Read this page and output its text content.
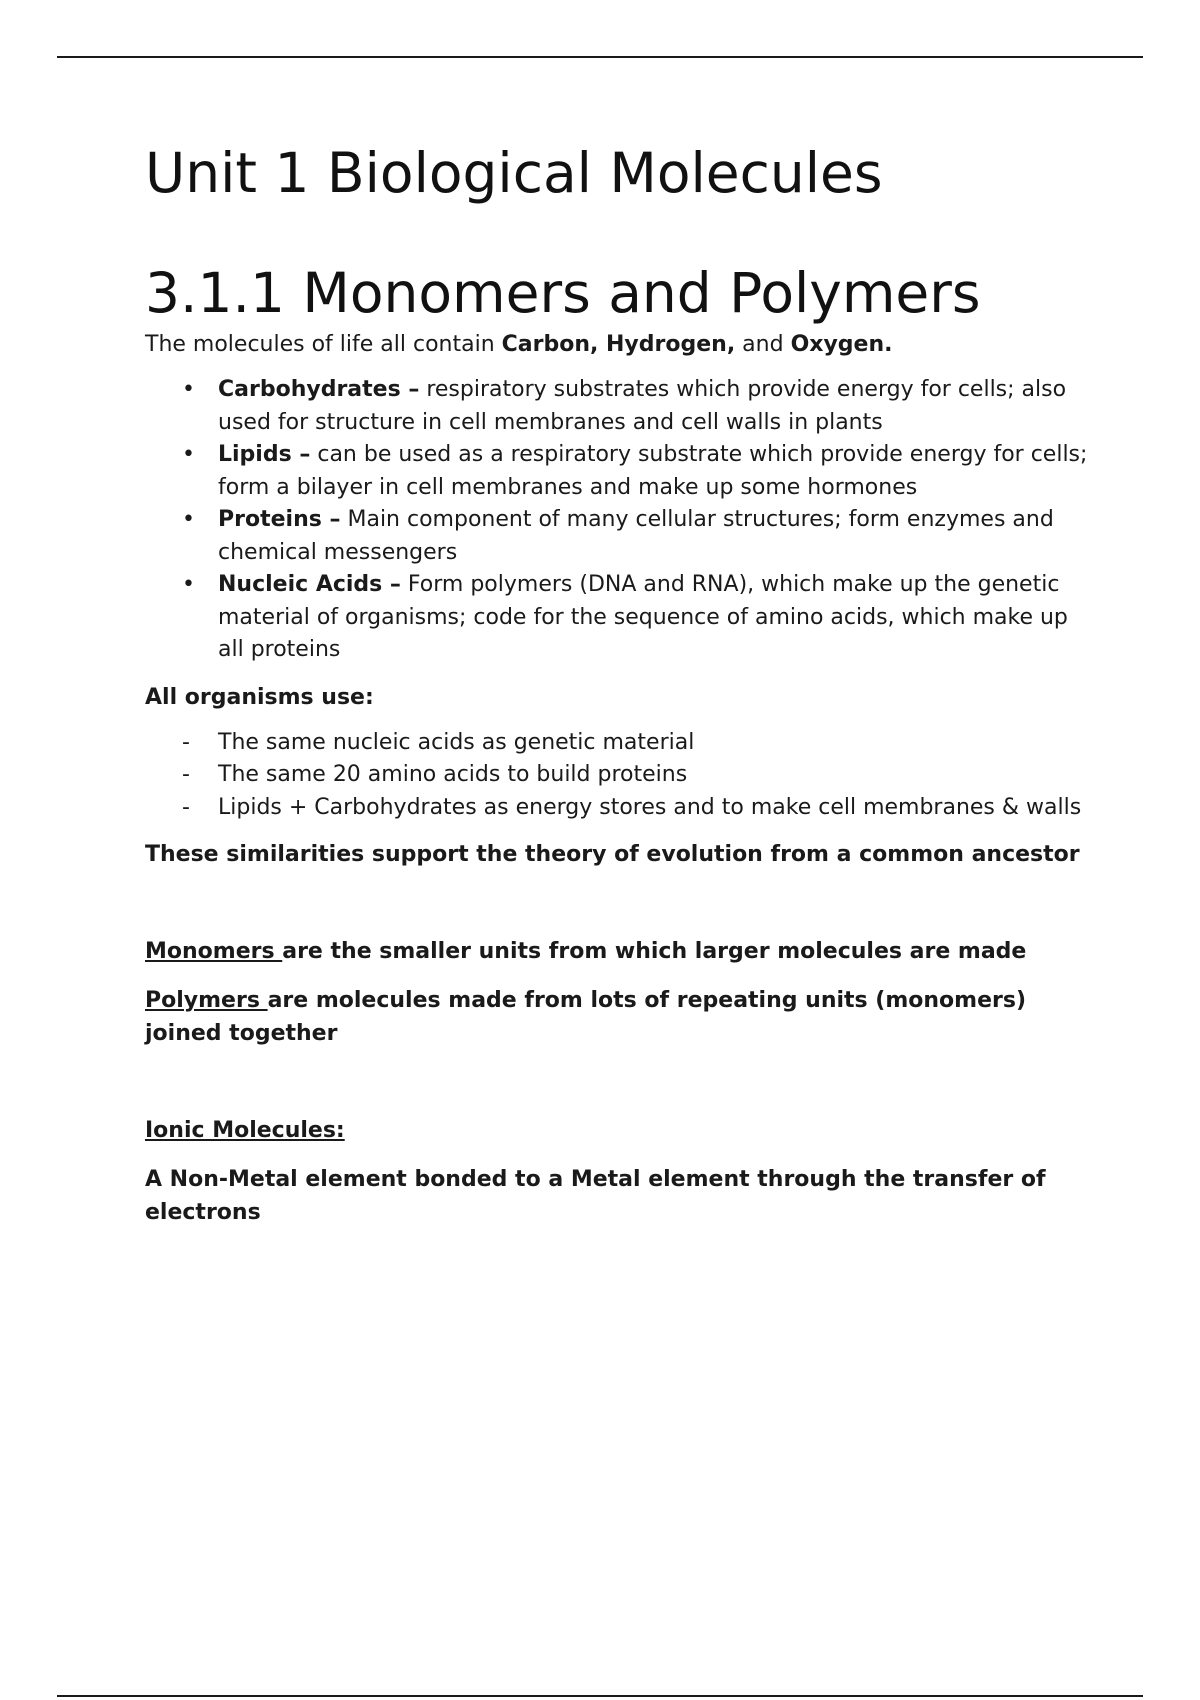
Unit 1 Biological Molecules
3.1.1 Monomers and Polymers

The molecules of life all contain Carbon, Hydrogen, and Oxygen.

• Carbohydrates – respiratory substrates which provide energy for cells; also used for structure in cell membranes and cell walls in plants
• Lipids – can be used as a respiratory substrate which provide energy for cells; form a bilayer in cell membranes and make up some hormones
• Proteins – Main component of many cellular structures; form enzymes and chemical messengers
• Nucleic Acids – Form polymers (DNA and RNA), which make up the genetic material of organisms; code for the sequence of amino acids, which make up all proteins

All organisms use:

- The same nucleic acids as genetic material
- The same 20 amino acids to build proteins
- Lipids + Carbohydrates as energy stores and to make cell membranes & walls

These similarities support the theory of evolution from a common ancestor

Monomers are the smaller units from which larger molecules are made

Polymers are molecules made from lots of repeating units (monomers) joined together

Ionic Molecules:

A Non-Metal element bonded to a Metal element through the transfer of electrons
